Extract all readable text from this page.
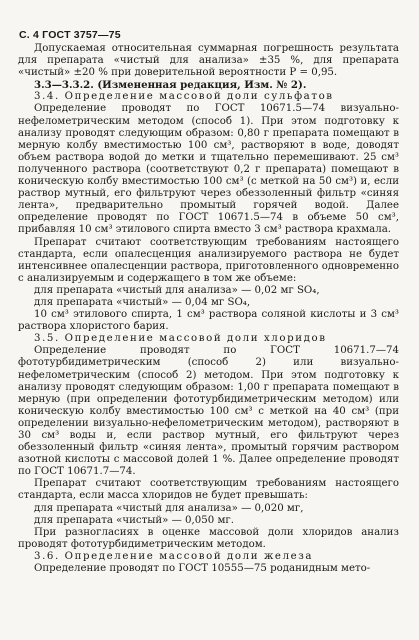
С. 4 ГОСТ 3757—75

Допускаемая относительная суммарная погрешность результата для препарата «чистый для анализа» ±35 %, для препарата «чистый» ±20 % при доверительной вероятности P = 0,95.

3.3—3.3.2. (Измененная редакция, Изм. № 2).

3.4. Определение массовой доли сульфатов

Определение проводят по ГОСТ 10671.5—74 визуально-нефелометрическим методом (способ 1). При этом подготовку к анализу проводят следующим образом: 0,80 г препарата помещают в мерную колбу вместимостью 100 см³, растворяют в воде, доводят объем раствора водой до метки и тщательно перемешивают. 25 см³ полученного раствора (соответствуют 0,2 г препарата) помещают в коническую колбу вместимостью 100 см³ (с меткой на 50 см³) и, если раствор мутный, его фильтруют через обеззоленный фильтр «синяя лента», предварительно промытый горячей водой. Далее определение проводят по ГОСТ 10671.5—74 в объеме 50 см³, прибавляя 10 см³ этилового спирта вместо 3 см³ раствора крахмала.

Препарат считают соответствующим требованиям настоящего стандарта, если опалесценция анализируемого раствора не будет интенсивнее опалесценции раствора, приготовленного одновременно с анализируемым и содержащего в том же объеме:

для препарата «чистый для анализа» — 0,02 мг SO₄,

для препарата «чистый» — 0,04 мг SO₄,

10 см³ этилового спирта, 1 см³ раствора соляной кислоты и 3 см³ раствора хлористого бария.

3.5. Определение массовой доли хлоридов

Определение проводят по ГОСТ 10671.7—74 фототурбидиметрическим (способ 2) или визуально-нефелометрическим (способ 2) методом. При этом подготовку к анализу проводят следующим образом: 1,00 г препарата помещают в мерную (при определении фототурбидиметрическим методом) или коническую колбу вместимостью 100 см³ с меткой на 40 см³ (при определении визуально-нефелометрическим методом), растворяют в 30 см³ воды и, если раствор мутный, его фильтруют через обеззоленный фильтр «синяя лента», промытый горячим раствором азотной кислоты с массовой долей 1 %. Далее определение проводят по ГОСТ 10671.7—74.

Препарат считают соответствующим требованиям настоящего стандарта, если масса хлоридов не будет превышать:

для препарата «чистый для анализа» — 0,020 мг,

для препарата «чистый» — 0,050 мг.

При разногласиях в оценке массовой доли хлоридов анализ проводят фототурбидиметрическим методом.

3.6. Определение массовой доли железа

Определение проводят по ГОСТ 10555—75 роданидным мето-
